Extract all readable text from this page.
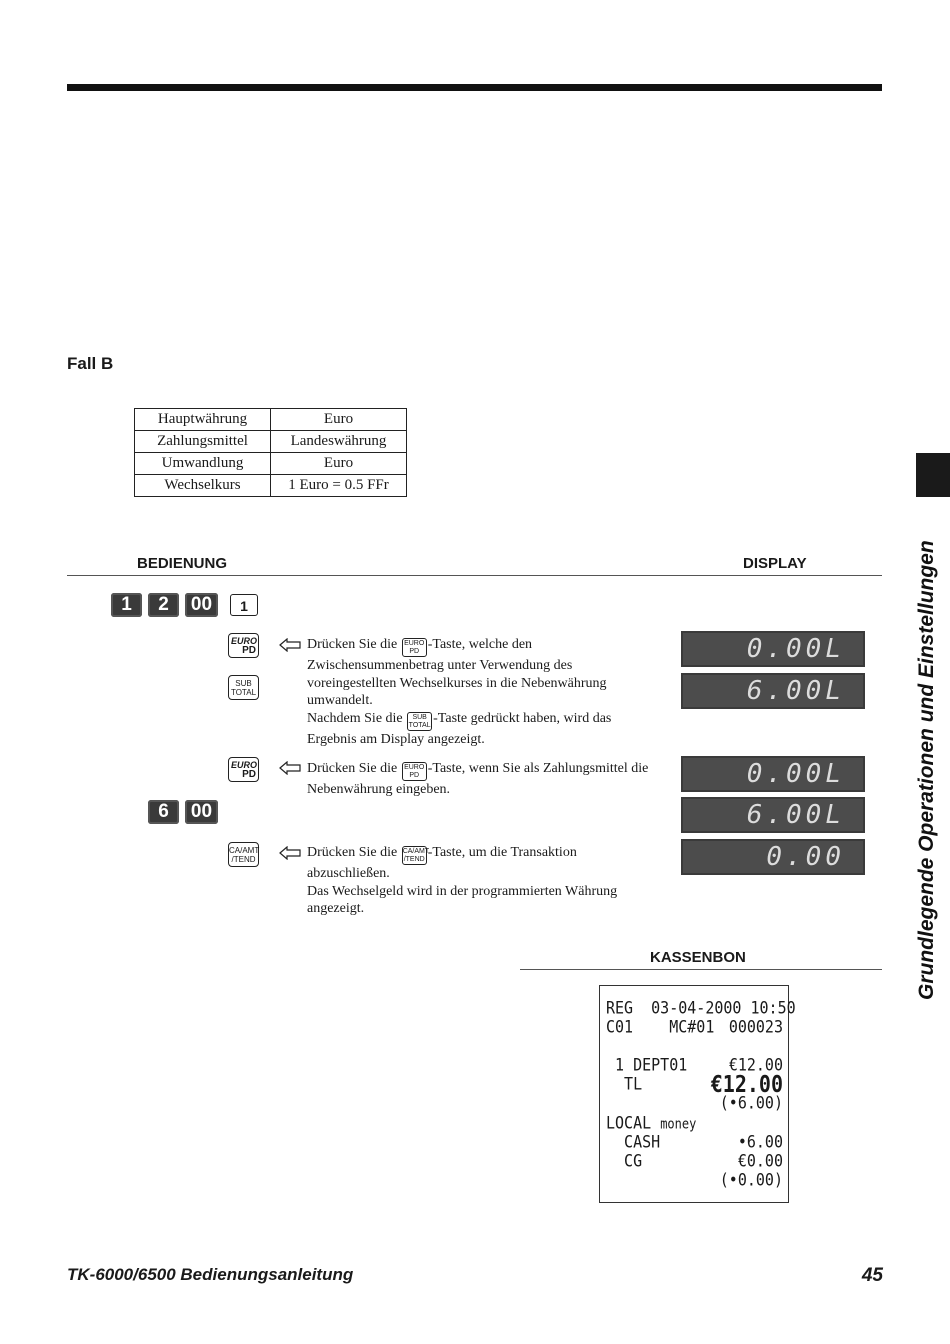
Fall B
Grundlegende Operationen und Einstellungen
Hauptwährung	Euro
Zahlungsmittel	Landeswährung
Umwandlung	Euro
Wechselkurs	1 Euro = 0.5 FFr
BEDIENUNG	DISPLAY
1	2	00	1
EURO
PD
SUB
TOTAL
EURO
PD
6	00
CA/AMT
/TEND
Drücken Sie die EURO
PD -Taste, welche den
Zwischensummenbetrag unter Verwendung des
voreingestellten Wechselkurses in die Nebenwährung
umwandelt.
Nachdem Sie die SUB
TOTAL -Taste gedrückt haben, wird das
Ergebnis am Display angezeigt.
Drücken Sie die EURO
PD -Taste, wenn Sie als Zahlungsmittel die
Nebenwährung eingeben.
Drücken Sie die CA/AMT
/TEND -Taste, um die Transaktion
abzuschließen.
Das Wechselgeld wird in der programmierten Währung
angezeigt.
0.00L
6.00L
0.00L
6.00L
0.00
KASSENBON
REG  03-04-2000 10:50
C01    MC#01 000023
1 DEPT01	€12.00
TL	€12.00
(•6.00)
LOCAL money
CASH	•6.00
CG	€0.00
(•0.00)
TK-6000/6500 Bedienungsanleitung	45
